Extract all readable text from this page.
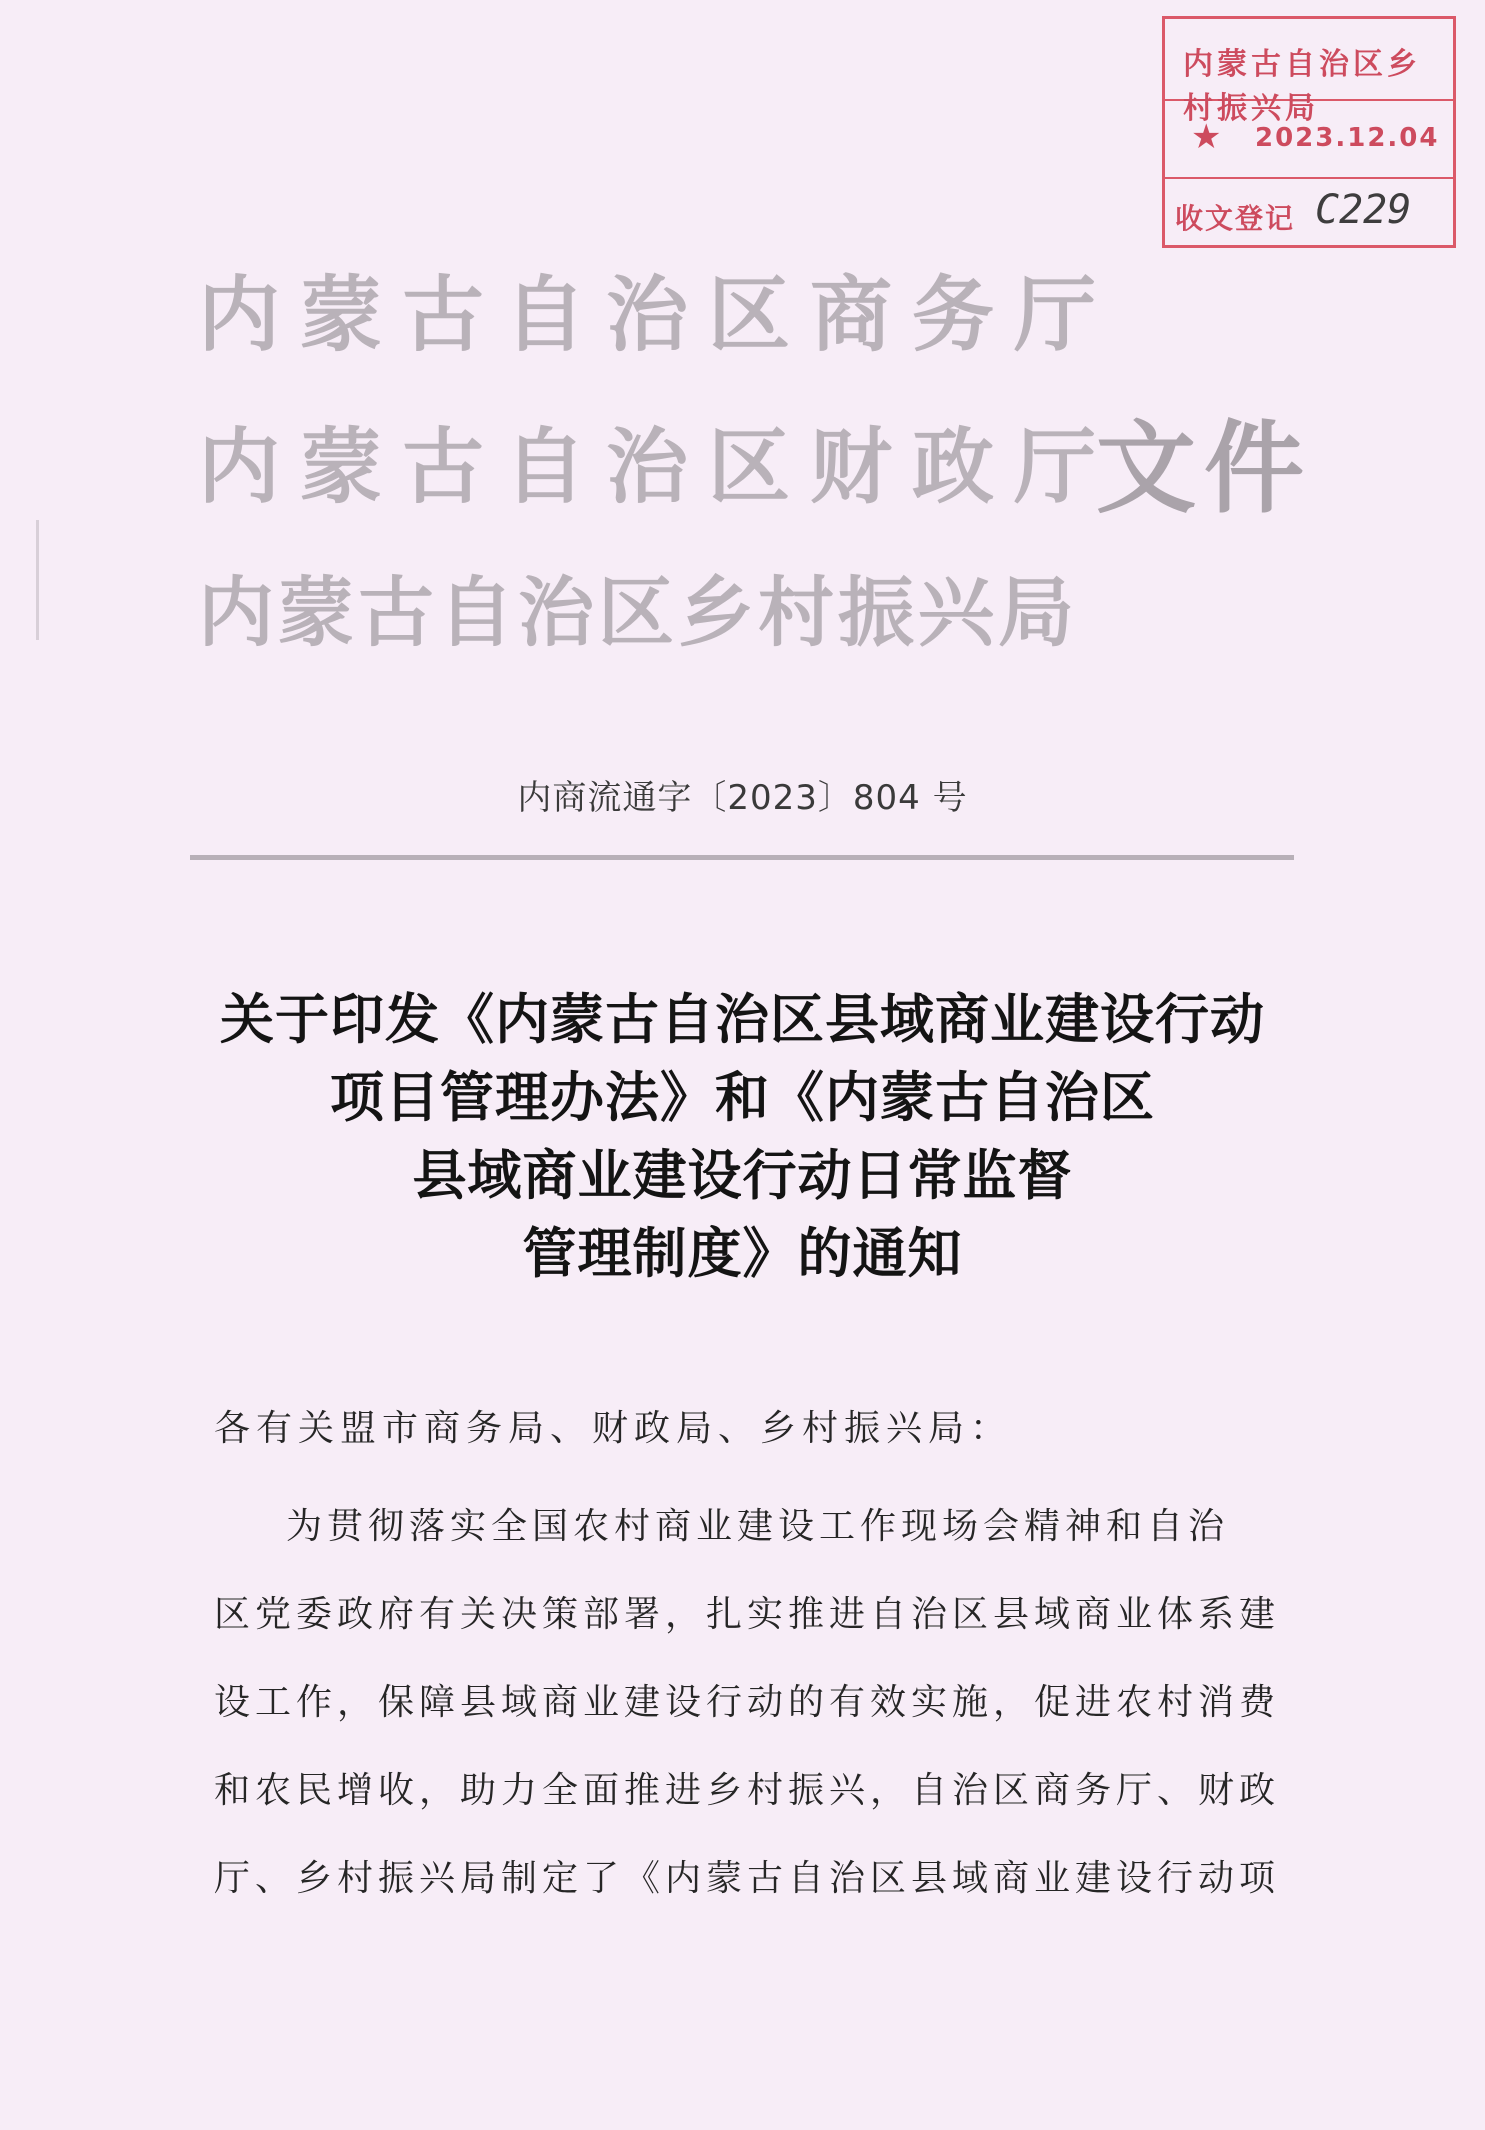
内蒙古自治区乡村振兴局
★ 2023.12.04
收文登记 C229
内蒙古自治区商务厅
内蒙古自治区财政厅
内蒙古自治区乡村振兴局
文件
内商流通字〔2023〕804 号
关于印发《内蒙古自治区县域商业建设行动
项目管理办法》和《内蒙古自治区
县域商业建设行动日常监督
管理制度》的通知
各有关盟市商务局、财政局、乡村振兴局：
为贯彻落实全国农村商业建设工作现场会精神和自治
区党委政府有关决策部署，扎实推进自治区县域商业体系建
设工作，保障县域商业建设行动的有效实施，促进农村消费
和农民增收，助力全面推进乡村振兴，自治区商务厅、财政
厅、乡村振兴局制定了《内蒙古自治区县域商业建设行动项
